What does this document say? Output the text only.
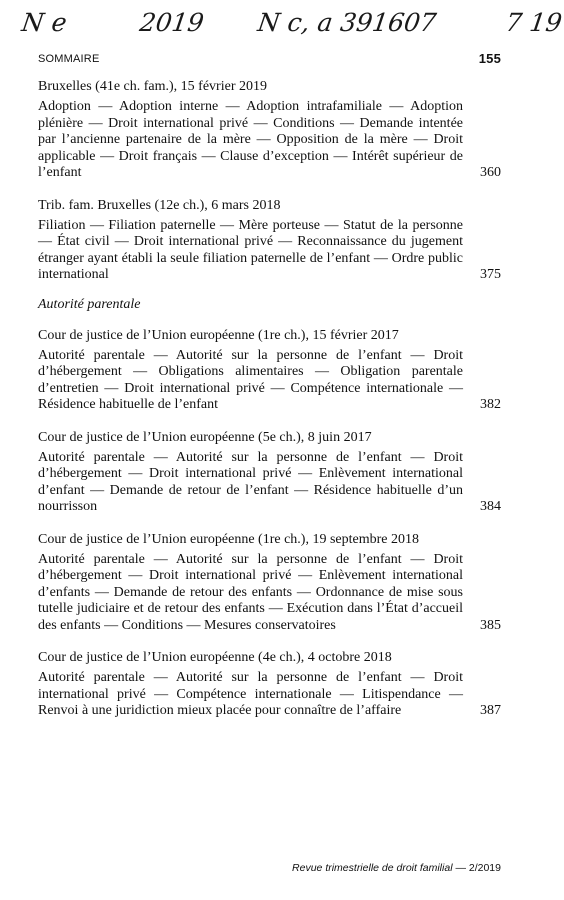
N e	2019 N c, a 391607	7 19
SOMMAIRE	155
Bruxelles (41e ch. fam.), 15 février 2019
Adoption — Adoption interne — Adoption intrafamiliale — Adoption plénière — Droit international privé — Conditions — Demande intentée par l’ancienne partenaire de la mère — Opposition de la mère — Droit applicable — Droit français — Clause d’exception — Intérêt supérieur de l’enfant	360
Trib. fam. Bruxelles (12e ch.), 6 mars 2018
Filiation — Filiation paternelle — Mère porteuse — Statut de la personne — État civil — Droit international privé — Reconnaissance du jugement étranger ayant établi la seule filiation paternelle de l’enfant — Ordre public international	375
Autorité parentale
Cour de justice de l’Union européenne (1re ch.), 15 février 2017
Autorité parentale — Autorité sur la personne de l’enfant — Droit d’hébergement — Obligations alimentaires — Obligation parentale d’entretien — Droit international privé — Compétence internationale —Résidence habituelle de l’enfant	382
Cour de justice de l’Union européenne (5e ch.), 8 juin 2017
Autorité parentale — Autorité sur la personne de l’enfant — Droit d’hébergement — Droit international privé — Enlèvement international d’enfant — Demande de retour de l’enfant — Résidence habituelle d’un nourrisson	384
Cour de justice de l’Union européenne (1re ch.), 19 septembre 2018
Autorité parentale — Autorité sur la personne de l’enfant — Droit d’hébergement — Droit international privé — Enlèvement international d’enfants — Demande de retour des enfants — Ordonnance de mise sous tutelle judiciaire et de retour des enfants — Exécution dans l’État d’accueil des enfants — Conditions — Mesures conservatoires	385
Cour de justice de l’Union européenne (4e ch.), 4 octobre 2018
Autorité parentale — Autorité sur la personne de l’enfant — Droit international privé — Compétence internationale — Litispendance — Renvoi à une juridiction mieux placée pour connaître de l’affaire	387
Revue trimestrielle de droit familial — 2/2019
